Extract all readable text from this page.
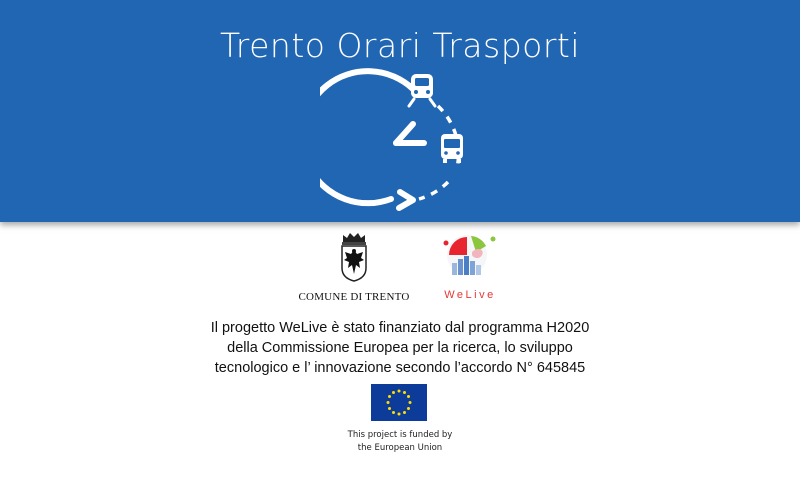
Trento Orari Trasporti
COMUNE DI TRENTO	WeLive
Il progetto WeLive è stato finanziato dal programma H2020
della Commissione Europea per la ricerca, lo sviluppo
tecnologico e l’ innovazione secondo l’accordo N° 645845
This project is funded by
the European Union
